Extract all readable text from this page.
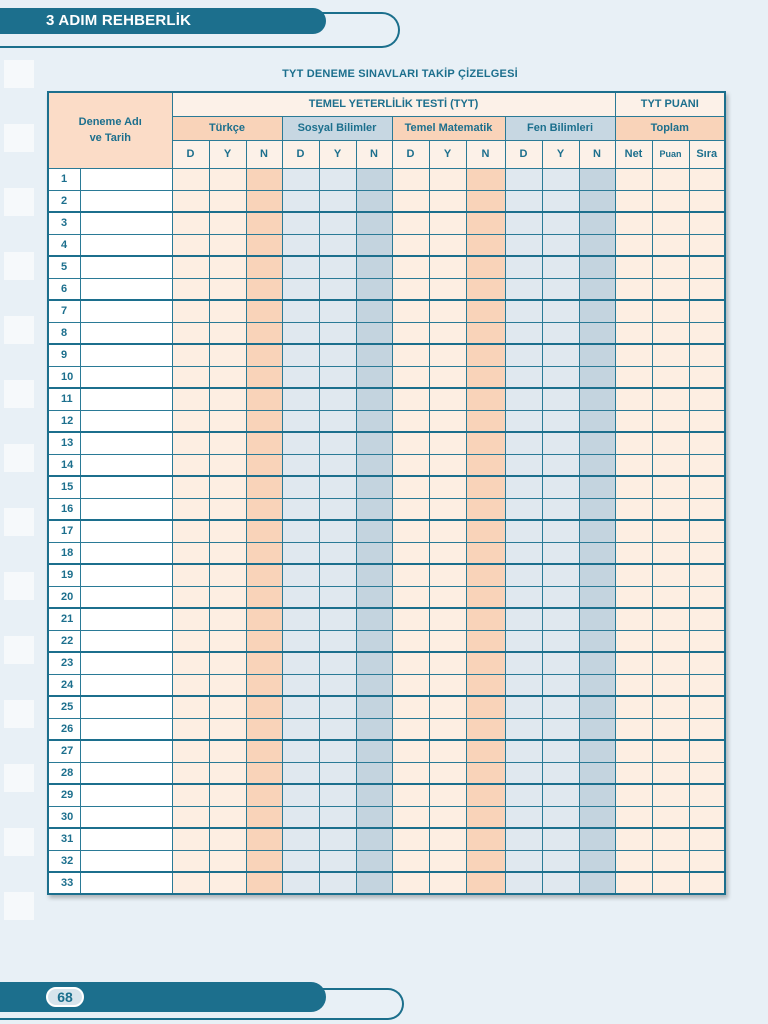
3 ADIM REHBERLİK
TYT DENEME SINAVLARI TAKİP ÇİZELGESİ
Deneme Adı
ve Tarih		TEMEL YETERLİLİK TESTİ (TYT)												TYT PUANI		
		Türkçe			Sosyal Bilimler			Temel Matematik			Fen Bilimleri			Toplam		
		D	Y	N	D	Y	N	D	Y	N	D	Y	N	Net	Puan	Sıra
1																
2																
3																
4																
5																
6																
7																
8																
9																
10																
11																
12																
13																
14																
15																
16																
17																
18																
19																
20																
21																
22																
23																
24																
25																
26																
27																
28																
29																
30																
31																
32																
33																
68
